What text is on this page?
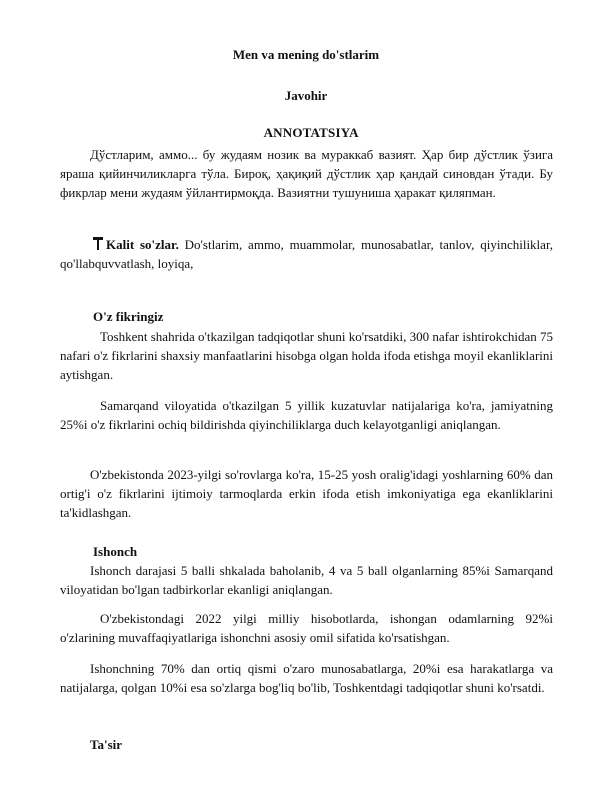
Men va mening do'stlarim
Javohir
ANNOTATSIYA

Дўстларим, аммо... бу жудаям нозик ва мураккаб вазият. Ҳар бир дўстлик ўзига яраша қийинчиликларга тўла. Бироқ, ҳақиқий дўстлик ҳар қандай синовдан ўтади. Бу фикрлар мени жудаям ўйлантирмоқда. Вазиятни тушуниша ҳаракат қиляпман.

Kalit so'zlar. Do'stlarim, ammo, muammolar, munosabatlar, tanlov, qiyinchiliklar, qo'llabquvvatlash, loyiqa,

O'z fikringiz

Toshkent shahrida o'tkazilgan tadqiqotlar shuni ko'rsatdiki, 300 nafar ishtirokchidan 75 nafari o'z fikrlarini shaxsiy manfaatlarini hisobga olgan holda ifoda etishga moyil ekanliklarini aytishgan.

Samarqand viloyatida o'tkazilgan 5 yillik kuzatuvlar natijalariga ko'ra, jamiyatning 25%i o'z fikrlarini ochiq bildirishda qiyinchiliklarga duch kelayotganligi aniqlangan.

O'zbekistonda 2023-yilgi so'rovlarga ko'ra, 15-25 yosh oralig'idagi yoshlarning 60% dan ortig'i o'z fikrlarini ijtimoiy tarmoqlarda erkin ifoda etish imkoniyatiga ega ekanliklarini ta'kidlashgan.

Ishonch

Ishonch darajasi 5 balli shkalada baholanib, 4 va 5 ball olganlarning 85%i Samarqand viloyatidan bo'lgan tadbirkorlar ekanligi aniqlangan.

O'zbekistondagi 2022 yilgi milliy hisobotlarda, ishongan odamlarning 92%i o'zlarining muvaffaqiyatlariga ishonchni asosiy omil sifatida ko'rsatishgan.

Ishonchning 70% dan ortiq qismi o'zaro munosabatlarga, 20%i esa harakatlarga va natijalarga, qolgan 10%i esa so'zlarga bog'liq bo'lib, Toshkentdagi tadqiqotlar shuni ko'rsatdi.

Ta'sir
